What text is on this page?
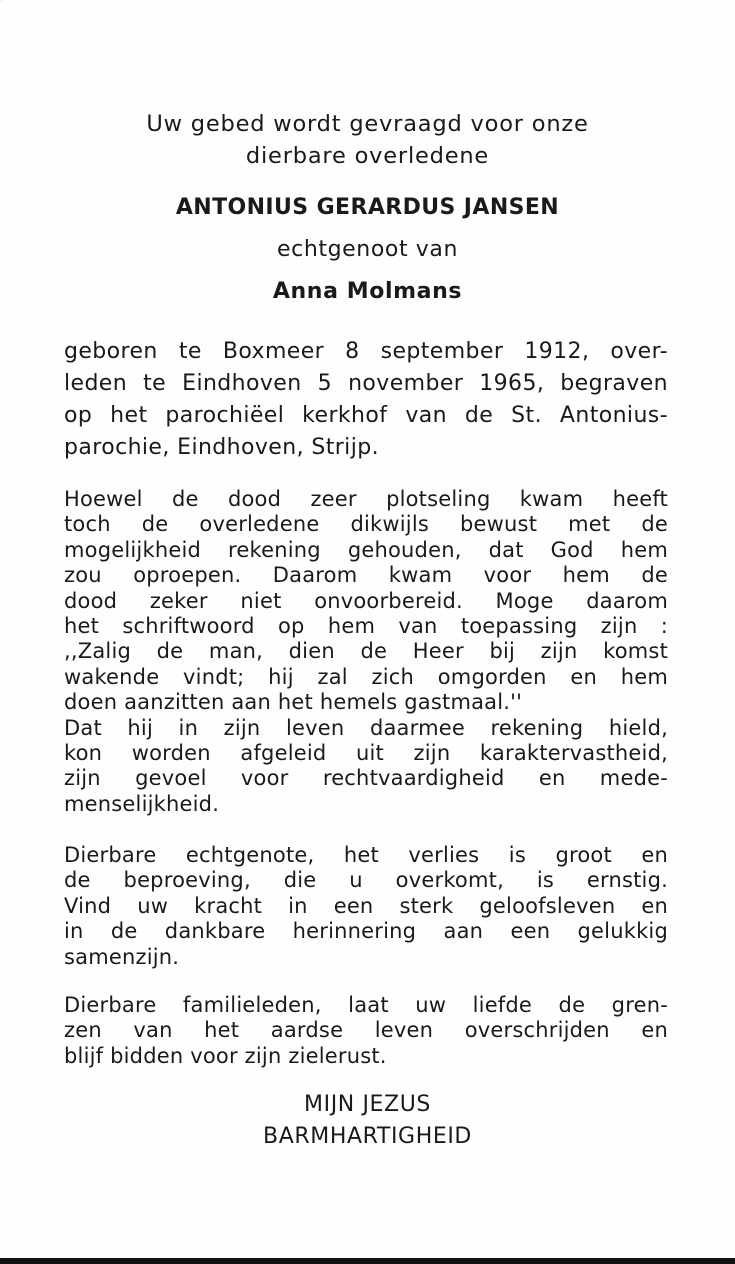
Uw gebed wordt gevraagd voor onze
dierbare overledene
ANTONIUS GERARDUS JANSEN
echtgenoot van
Anna Molmans
geboren te Boxmeer 8 september 1912, over-
leden te Eindhoven 5 november 1965, begraven
op het parochiëel kerkhof van de St. Antonius-
parochie, Eindhoven, Strijp.
Hoewel de dood zeer plotseling kwam heeft
toch de overledene dikwijls bewust met de
mogelijkheid rekening gehouden, dat God hem
zou oproepen. Daarom kwam voor hem de
dood zeker niet onvoorbereid. Moge daarom
het schriftwoord op hem van toepassing zijn :
,,Zalig de man, dien de Heer bij zijn komst
wakende vindt; hij zal zich omgorden en hem
doen aanzitten aan het hemels gastmaal.''
Dat hij in zijn leven daarmee rekening hield,
kon worden afgeleid uit zijn karaktervastheid,
zijn gevoel voor rechtvaardigheid en mede-
menselijkheid.
Dierbare echtgenote, het verlies is groot en
de beproeving, die u overkomt, is ernstig.
Vind uw kracht in een sterk geloofsleven en
in de dankbare herinnering aan een gelukkig
samenzijn.
Dierbare familieleden, laat uw liefde de gren-
zen van het aardse leven overschrijden en
blijf bidden voor zijn zielerust.
MIJN JEZUS
BARMHARTIGHEID
